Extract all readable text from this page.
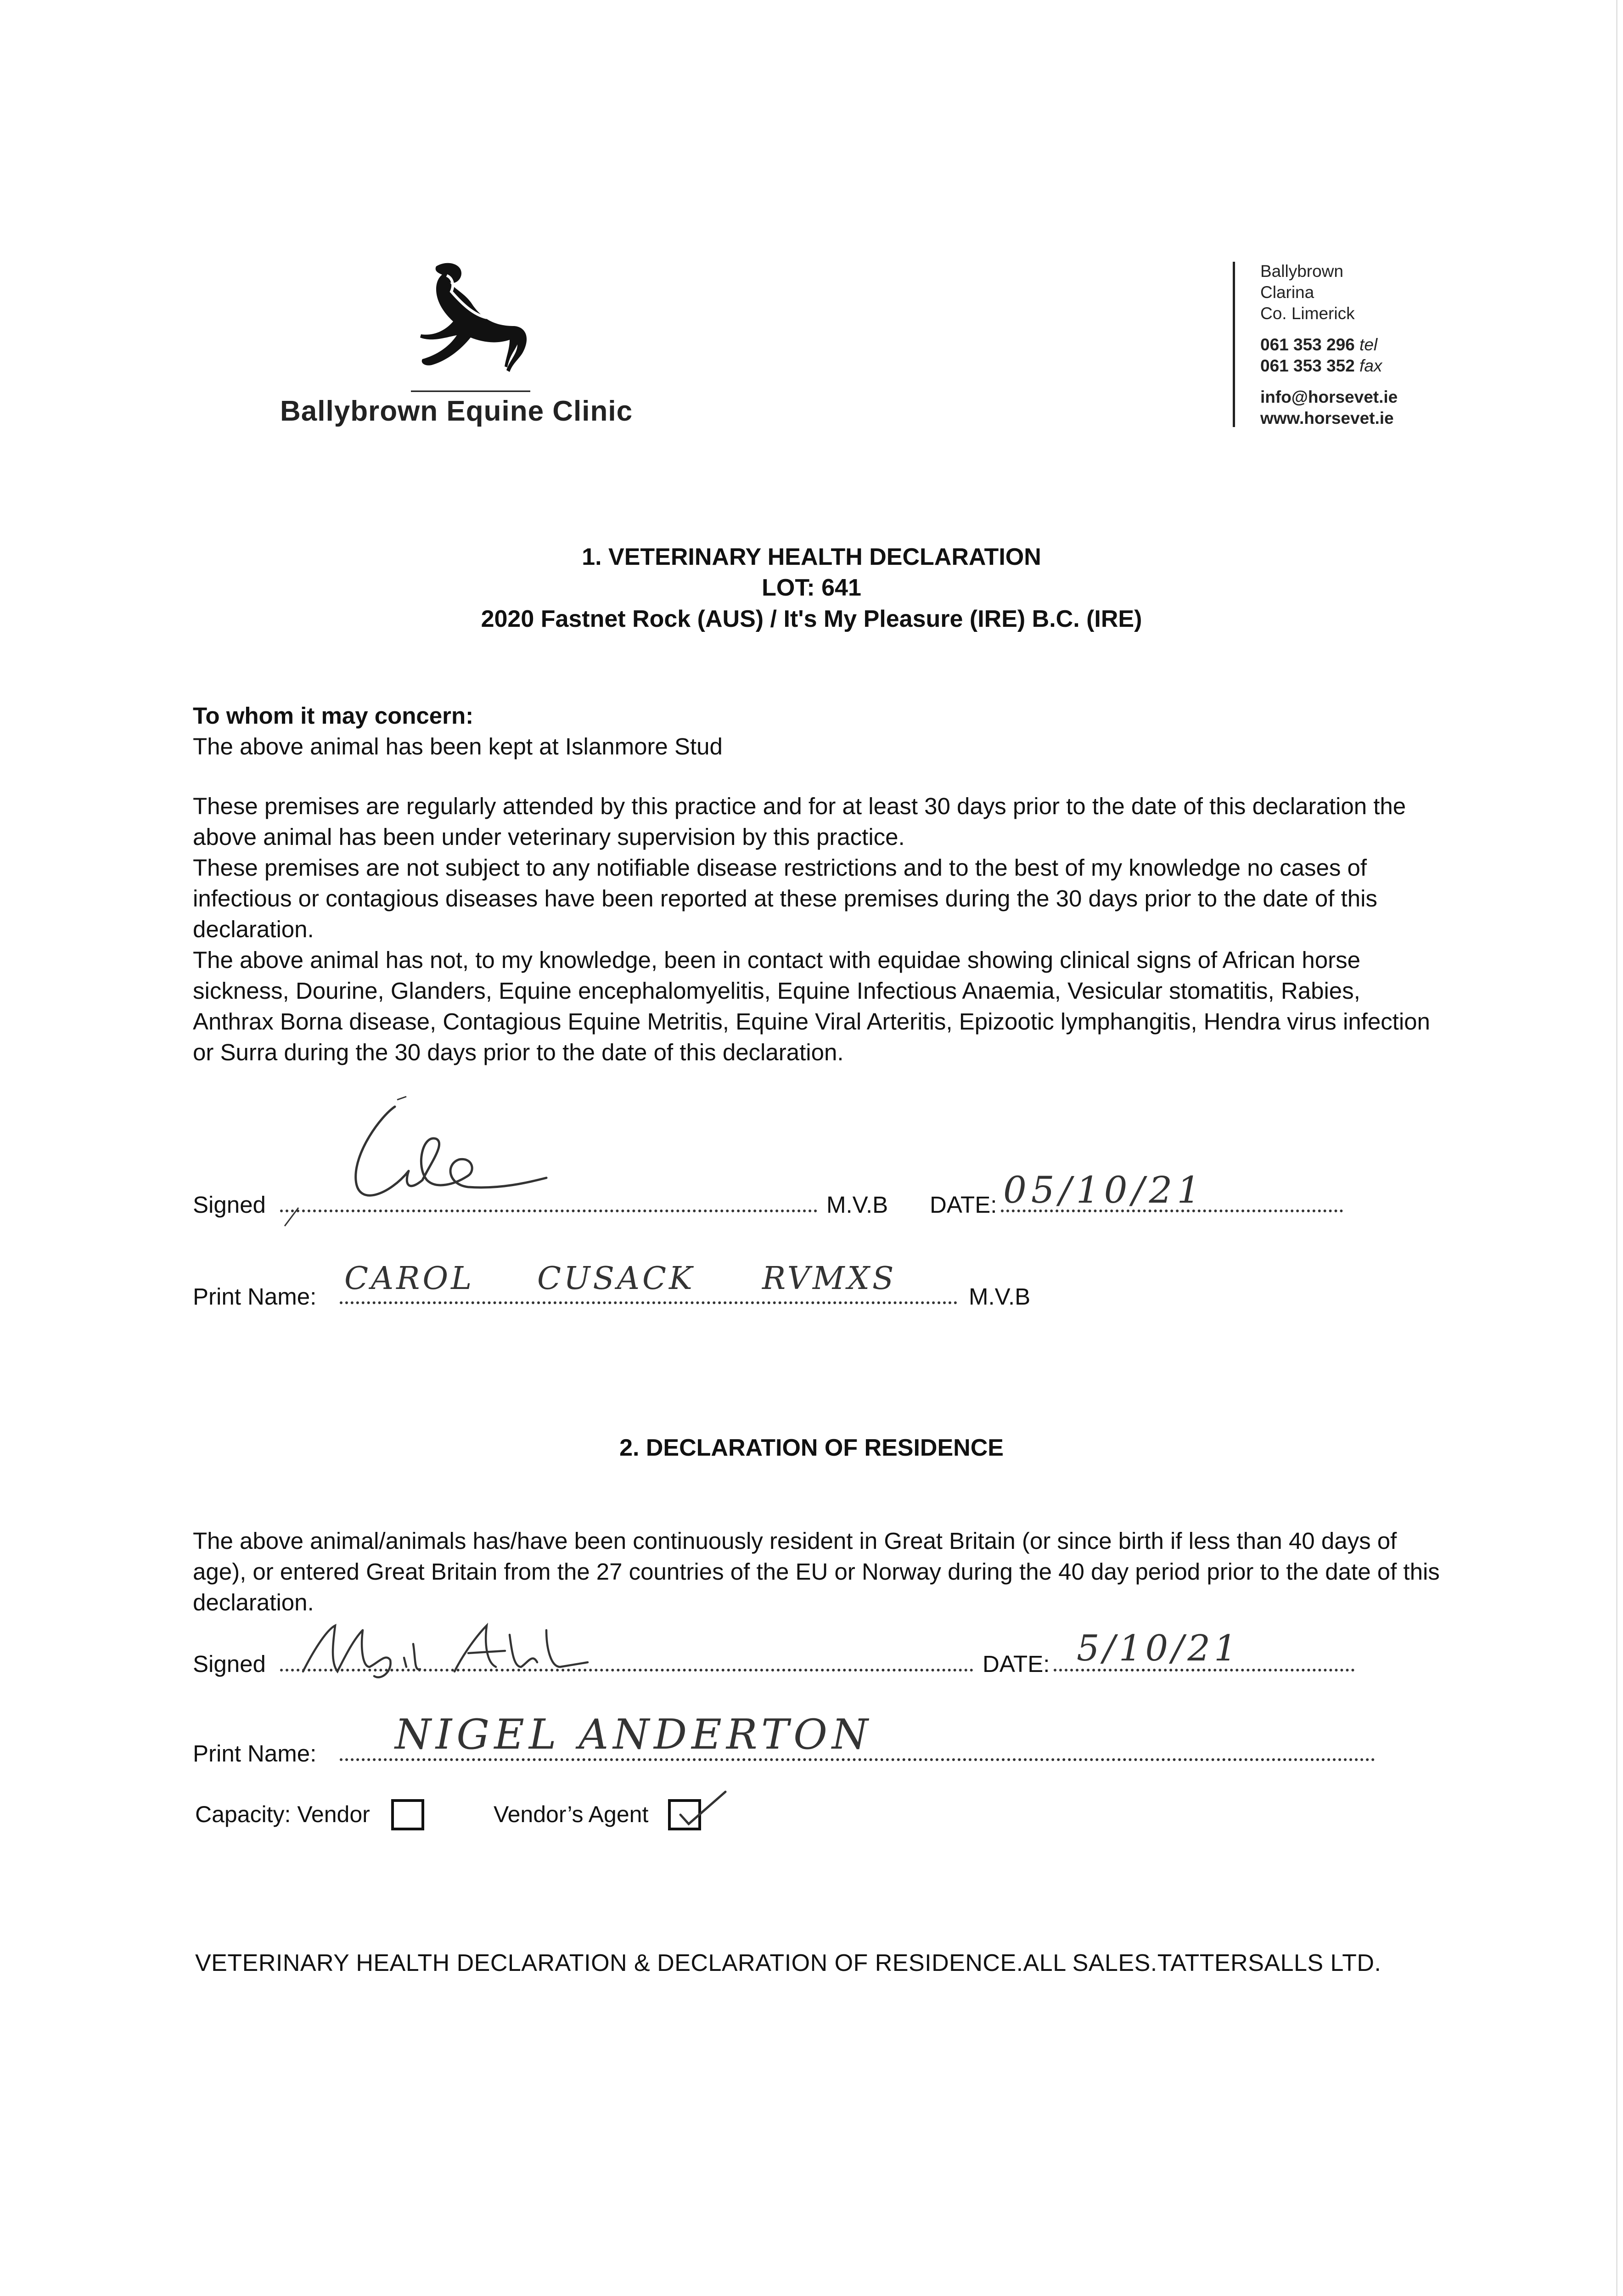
Ballybrown Equine Clinic
Ballybrown
Clarina
Co. Limerick
061 353 296 tel
061 353 352 fax
info@horsevet.ie
www.horsevet.ie
1. VETERINARY HEALTH DECLARATION
LOT: 641
2020 Fastnet Rock (AUS) / It's My Pleasure (IRE) B.C. (IRE)
To whom it may concern:
The above animal has been kept at Islanmore Stud
These premises are regularly attended by this practice and for at least 30 days prior to the date of this declaration the above animal has been under veterinary supervision by this practice.
These premises are not subject to any notifiable disease restrictions and to the best of my knowledge no cases of infectious or contagious diseases have been reported at these premises during the 30 days prior to the date of this declaration.
The above animal has not, to my knowledge, been in contact with equidae showing clinical signs of African horse sickness, Dourine, Glanders, Equine encephalomyelitis, Equine Infectious Anaemia, Vesicular stomatitis, Rabies, Anthrax Borna disease, Contagious Equine Metritis, Equine Viral Arteritis, Epizootic lymphangitis, Hendra virus infection or Surra during the 30 days prior to the date of this declaration.
Signed	M.V.B DATE: 05/10/21
Print Name: CAROL CUSACK RVMXS	M.V.B
2. DECLARATION OF RESIDENCE
The above animal/animals has/have been continuously resident in Great Britain (or since birth if less than 40 days of age), or entered Great Britain from the 27 countries of the EU or Norway during the 40 day period prior to the date of this declaration.
Signed	DATE: 5/10/21
Print Name: NIGEL ANDERTON
Capacity: Vendor	Vendor’s Agent
VETERINARY HEALTH DECLARATION & DECLARATION OF RESIDENCE.ALL SALES.TATTERSALLS LTD.
